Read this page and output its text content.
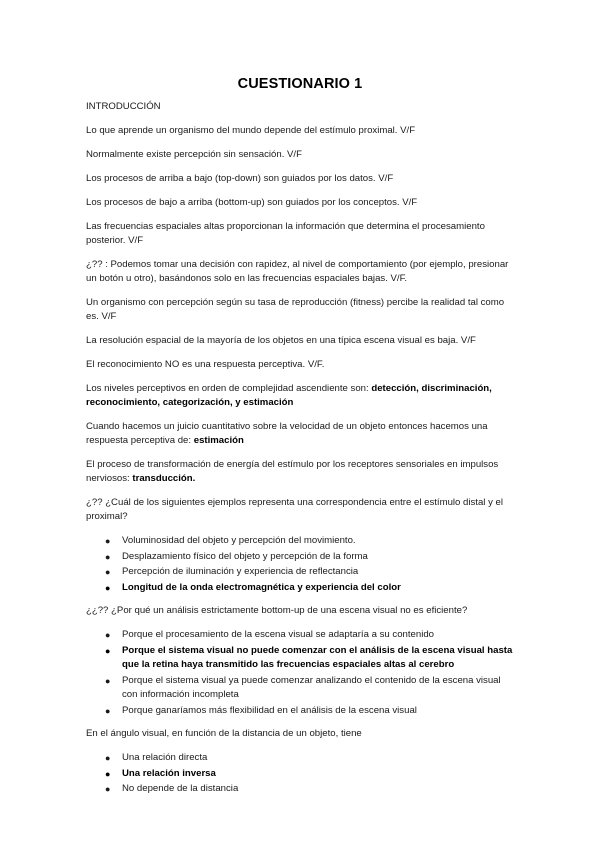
CUESTIONARIO 1
INTRODUCCIÓN

Lo que aprende un organismo del mundo depende del estímulo proximal. V/F

Normalmente existe percepción sin sensación. V/F

Los procesos de arriba a bajo (top-down) son guiados por los datos. V/F

Los procesos de bajo a arriba (bottom-up) son guiados por los conceptos. V/F

Las frecuencias espaciales altas proporcionan la información que determina el procesamiento posterior. V/F

¿?? : Podemos tomar una decisión con rapidez, al nivel de comportamiento (por ejemplo, presionar un botón u otro), basándonos solo en las frecuencias espaciales bajas. V/F.

Un organismo con percepción según su tasa de reproducción (fitness) percibe la realidad tal como es. V/F

La resolución espacial de la mayoría de los objetos en una típica escena visual es baja. V/F

El reconocimiento NO es una respuesta perceptiva. V/F.

Los niveles perceptivos en orden de complejidad ascendiente son: detección, discriminación, reconocimiento, categorización, y estimación

Cuando hacemos un juicio cuantitativo sobre la velocidad de un objeto entonces hacemos una respuesta perceptiva de: estimación

El proceso de transformación de energía del estímulo por los receptores sensoriales en impulsos nerviosos: transducción.

¿?? ¿Cuál de los siguientes ejemplos representa una correspondencia entre el estímulo distal y el proximal?

● Voluminosidad del objeto y percepción del movimiento.
● Desplazamiento físico del objeto y percepción de la forma
● Percepción de iluminación y experiencia de reflectancia
● Longitud de la onda electromagnética y experiencia del color

¿¿?? ¿Por qué un análisis estrictamente bottom-up de una escena visual no es eficiente?

● Porque el procesamiento de la escena visual se adaptaría a su contenido
● Porque el sistema visual no puede comenzar con el análisis de la escena visual hasta que la retina haya transmitido las frecuencias espaciales altas al cerebro
● Porque el sistema visual ya puede comenzar analizando el contenido de la escena visual con información incompleta
● Porque ganaríamos más flexibilidad en el análisis de la escena visual

En el ángulo visual, en función de la distancia de un objeto, tiene

● Una relación directa
● Una relación inversa
● No depende de la distancia
